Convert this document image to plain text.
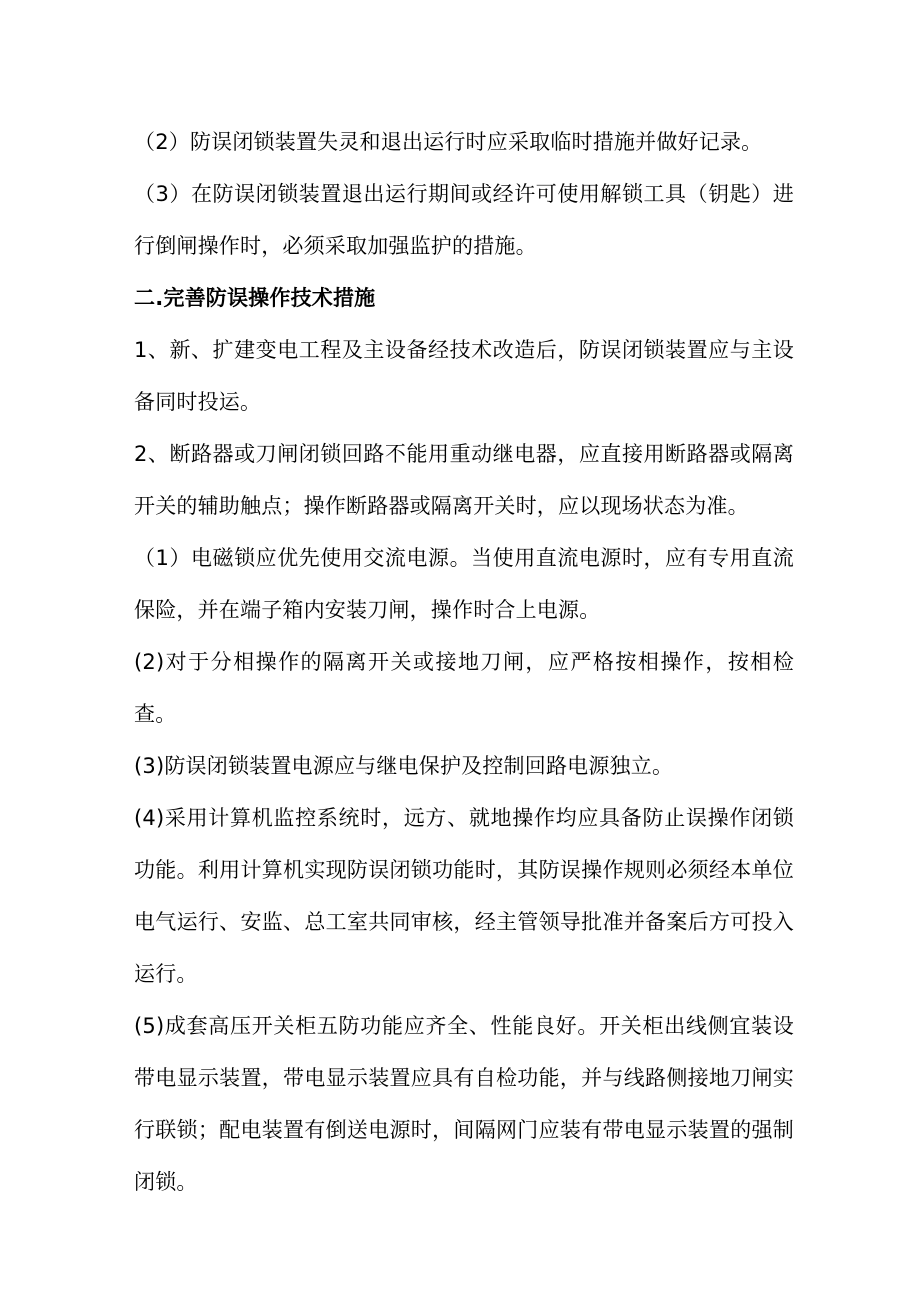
（2）防误闭锁装置失灵和退出运行时应采取临时措施并做好记录。

（3）在防误闭锁装置退出运行期间或经许可使用解锁工具（钥匙）进行倒闸操作时，必须采取加强监护的措施。

二.完善防误操作技术措施

1、新、扩建变电工程及主设备经技术改造后，防误闭锁装置应与主设备同时投运。

2、断路器或刀闸闭锁回路不能用重动继电器，应直接用断路器或隔离开关的辅助触点；操作断路器或隔离开关时，应以现场状态为准。

（1）电磁锁应优先使用交流电源。当使用直流电源时，应有专用直流保险，并在端子箱内安装刀闸，操作时合上电源。

(2)对于分相操作的隔离开关或接地刀闸，应严格按相操作，按相检查。

(3)防误闭锁装置电源应与继电保护及控制回路电源独立。

(4)采用计算机监控系统时，远方、就地操作均应具备防止误操作闭锁功能。利用计算机实现防误闭锁功能时，其防误操作规则必须经本单位电气运行、安监、总工室共同审核，经主管领导批准并备案后方可投入运行。

(5)成套高压开关柜五防功能应齐全、性能良好。开关柜出线侧宜装设带电显示装置，带电显示装置应具有自检功能，并与线路侧接地刀闸实行联锁；配电装置有倒送电源时，间隔网门应装有带电显示装置的强制闭锁。
